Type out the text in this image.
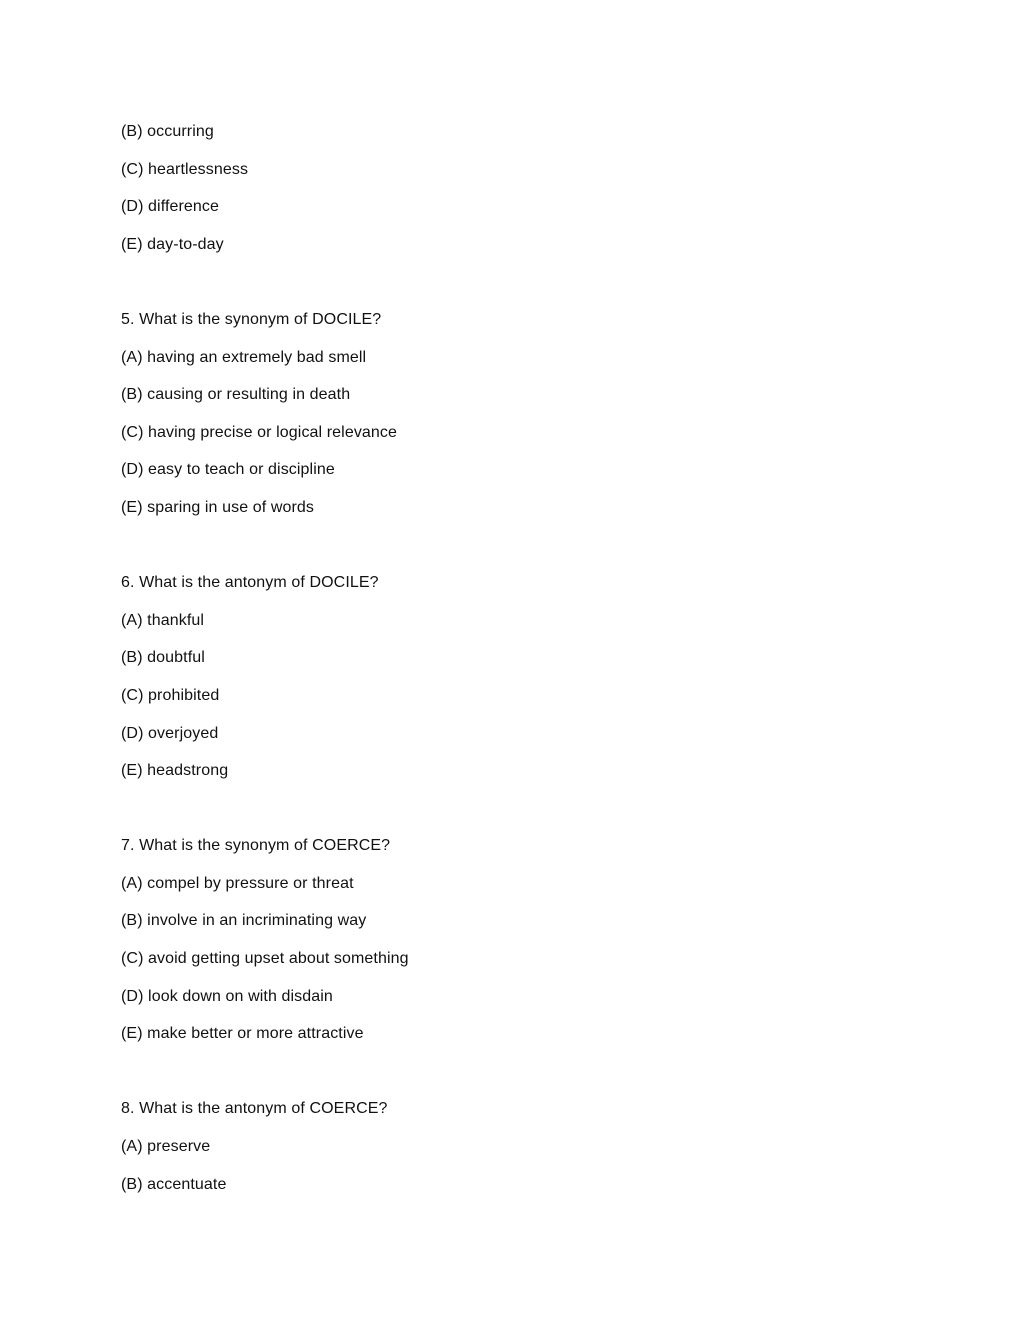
(B) occurring
(C) heartlessness
(D) difference
(E) day-to-day
5. What is the synonym of DOCILE?
(A) having an extremely bad smell
(B) causing or resulting in death
(C) having precise or logical relevance
(D) easy to teach or discipline
(E) sparing in use of words
6. What is the antonym of DOCILE?
(A) thankful
(B) doubtful
(C) prohibited
(D) overjoyed
(E) headstrong
7. What is the synonym of COERCE?
(A) compel by pressure or threat
(B) involve in an incriminating way
(C) avoid getting upset about something
(D) look down on with disdain
(E) make better or more attractive
8. What is the antonym of COERCE?
(A) preserve
(B) accentuate
